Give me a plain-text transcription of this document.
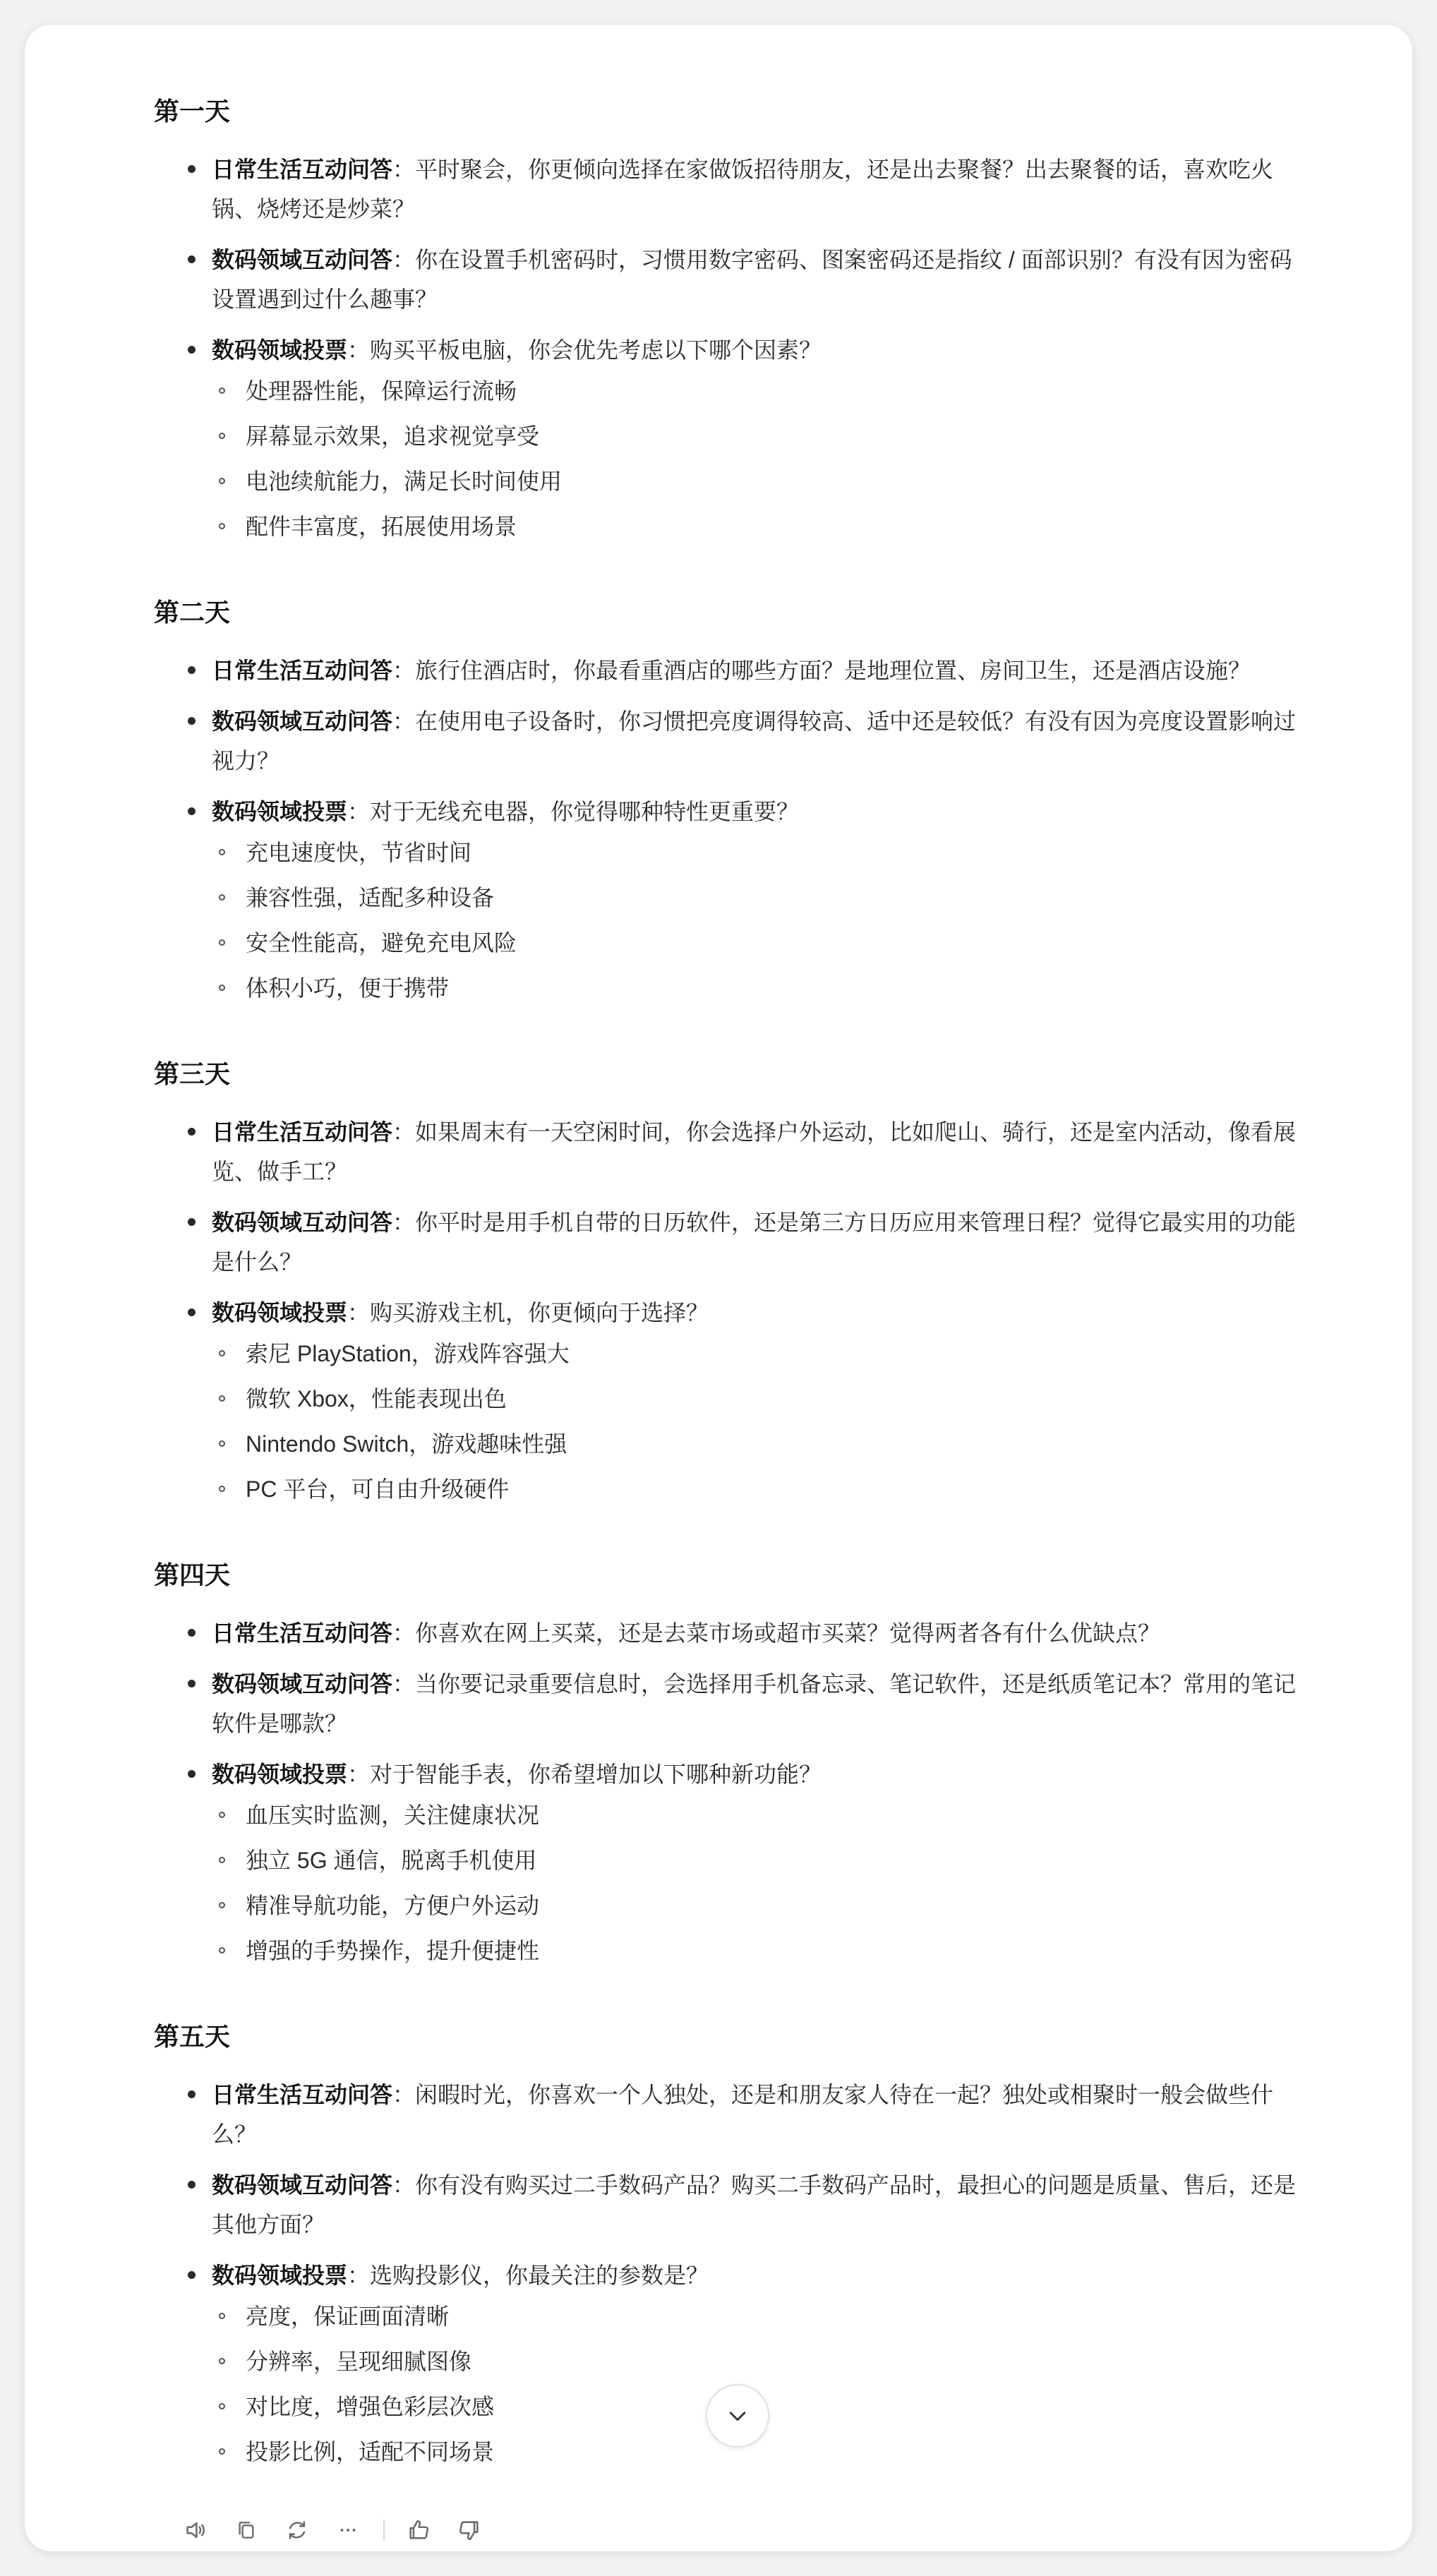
第一天
日常生活互动问答：平时聚会，你更倾向选择在家做饭招待朋友，还是出去聚餐？出去聚餐的话，喜欢吃火锅、烧烤还是炒菜？
数码领域互动问答：你在设置手机密码时，习惯用数字密码、图案密码还是指纹 / 面部识别？有没有因为密码设置遇到过什么趣事？
数码领域投票：购买平板电脑，你会优先考虑以下哪个因素？
处理器性能，保障运行流畅
屏幕显示效果，追求视觉享受
电池续航能力，满足长时间使用
配件丰富度，拓展使用场景
第二天
日常生活互动问答：旅行住酒店时，你最看重酒店的哪些方面？是地理位置、房间卫生，还是酒店设施？
数码领域互动问答：在使用电子设备时，你习惯把亮度调得较高、适中还是较低？有没有因为亮度设置影响过视力？
数码领域投票：对于无线充电器，你觉得哪种特性更重要？
充电速度快，节省时间
兼容性强，适配多种设备
安全性能高，避免充电风险
体积小巧，便于携带
第三天
日常生活互动问答：如果周末有一天空闲时间，你会选择户外运动，比如爬山、骑行，还是室内活动，像看展览、做手工？
数码领域互动问答：你平时是用手机自带的日历软件，还是第三方日历应用来管理日程？觉得它最实用的功能是什么？
数码领域投票：购买游戏主机，你更倾向于选择？
索尼 PlayStation，游戏阵容强大
微软 Xbox，性能表现出色
Nintendo Switch，游戏趣味性强
PC 平台，可自由升级硬件
第四天
日常生活互动问答：你喜欢在网上买菜，还是去菜市场或超市买菜？觉得两者各有什么优缺点？
数码领域互动问答：当你要记录重要信息时，会选择用手机备忘录、笔记软件，还是纸质笔记本？常用的笔记软件是哪款？
数码领域投票：对于智能手表，你希望增加以下哪种新功能？
血压实时监测，关注健康状况
独立 5G 通信，脱离手机使用
精准导航功能，方便户外运动
增强的手势操作，提升便捷性
第五天
日常生活互动问答：闲暇时光，你喜欢一个人独处，还是和朋友家人待在一起？独处或相聚时一般会做些什么？
数码领域互动问答：你有没有购买过二手数码产品？购买二手数码产品时，最担心的问题是质量、售后，还是其他方面？
数码领域投票：选购投影仪，你最关注的参数是？
亮度，保证画面清晰
分辨率，呈现细腻图像
对比度，增强色彩层次感
投影比例，适配不同场景
